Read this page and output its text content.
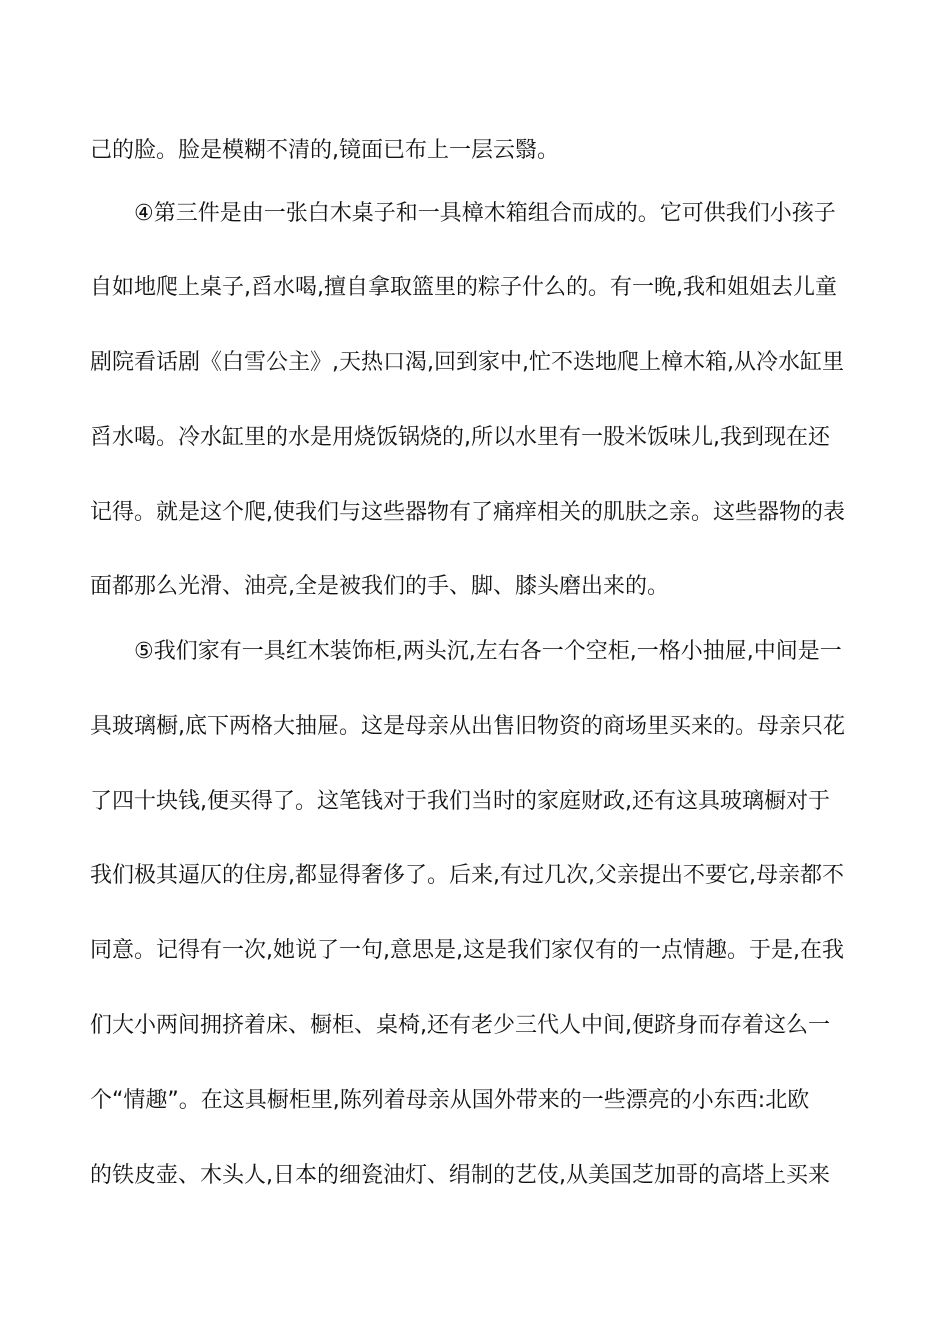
己的脸。脸是模糊不清的,镜面已布上一层云翳。
④第三件是由一张白木桌子和一具樟木箱组合而成的。它可供我们小孩子
自如地爬上桌子,舀水喝,擅自拿取篮里的粽子什么的。有一晚,我和姐姐去儿童
剧院看话剧《白雪公主》,天热口渴,回到家中,忙不迭地爬上樟木箱,从冷水缸里
舀水喝。冷水缸里的水是用烧饭锅烧的,所以水里有一股米饭味儿,我到现在还
记得。就是这个爬,使我们与这些器物有了痛痒相关的肌肤之亲。这些器物的表
面都那么光滑、油亮,全是被我们的手、脚、膝头磨出来的。
⑤我们家有一具红木装饰柜,两头沉,左右各一个空柜,一格小抽屉,中间是一
具玻璃橱,底下两格大抽屉。这是母亲从出售旧物资的商场里买来的。母亲只花
了四十块钱,便买得了。这笔钱对于我们当时的家庭财政,还有这具玻璃橱对于
我们极其逼仄的住房,都显得奢侈了。后来,有过几次,父亲提出不要它,母亲都不
同意。记得有一次,她说了一句,意思是,这是我们家仅有的一点情趣。于是,在我
们大小两间拥挤着床、橱柜、桌椅,还有老少三代人中间,便跻身而存着这么一
个“情趣”。在这具橱柜里,陈列着母亲从国外带来的一些漂亮的小东西:北欧
的铁皮壶、木头人,日本的细瓷油灯、绢制的艺伎,从美国芝加哥的高塔上买来
